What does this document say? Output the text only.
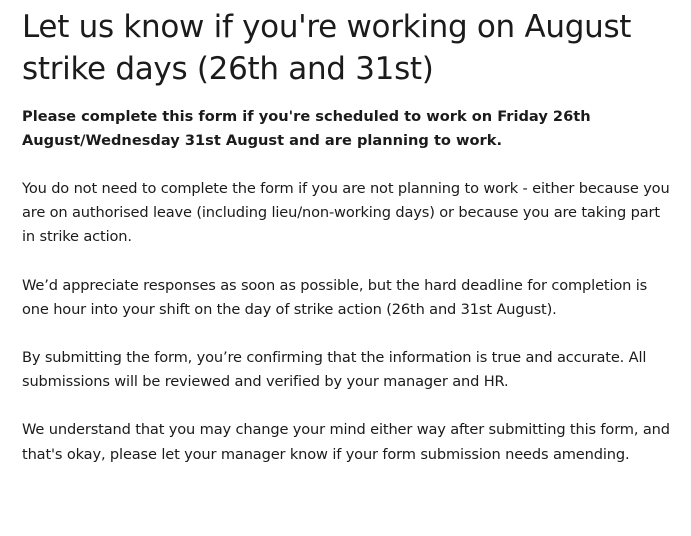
Let us know if you're working on August strike days (26th and 31st)

Please complete this form if you're scheduled to work on Friday 26th August/Wednesday 31st August and are planning to work.

You do not need to complete the form if you are not planning to work - either because you are on authorised leave (including lieu/non-working days) or because you are taking part in strike action.

We’d appreciate responses as soon as possible, but the hard deadline for completion is one hour into your shift on the day of strike action (26th and 31st August).

By submitting the form, you’re confirming that the information is true and accurate. All submissions will be reviewed and verified by your manager and HR.

We understand that you may change your mind either way after submitting this form, and that's okay, please let your manager know if your form submission needs amending.
